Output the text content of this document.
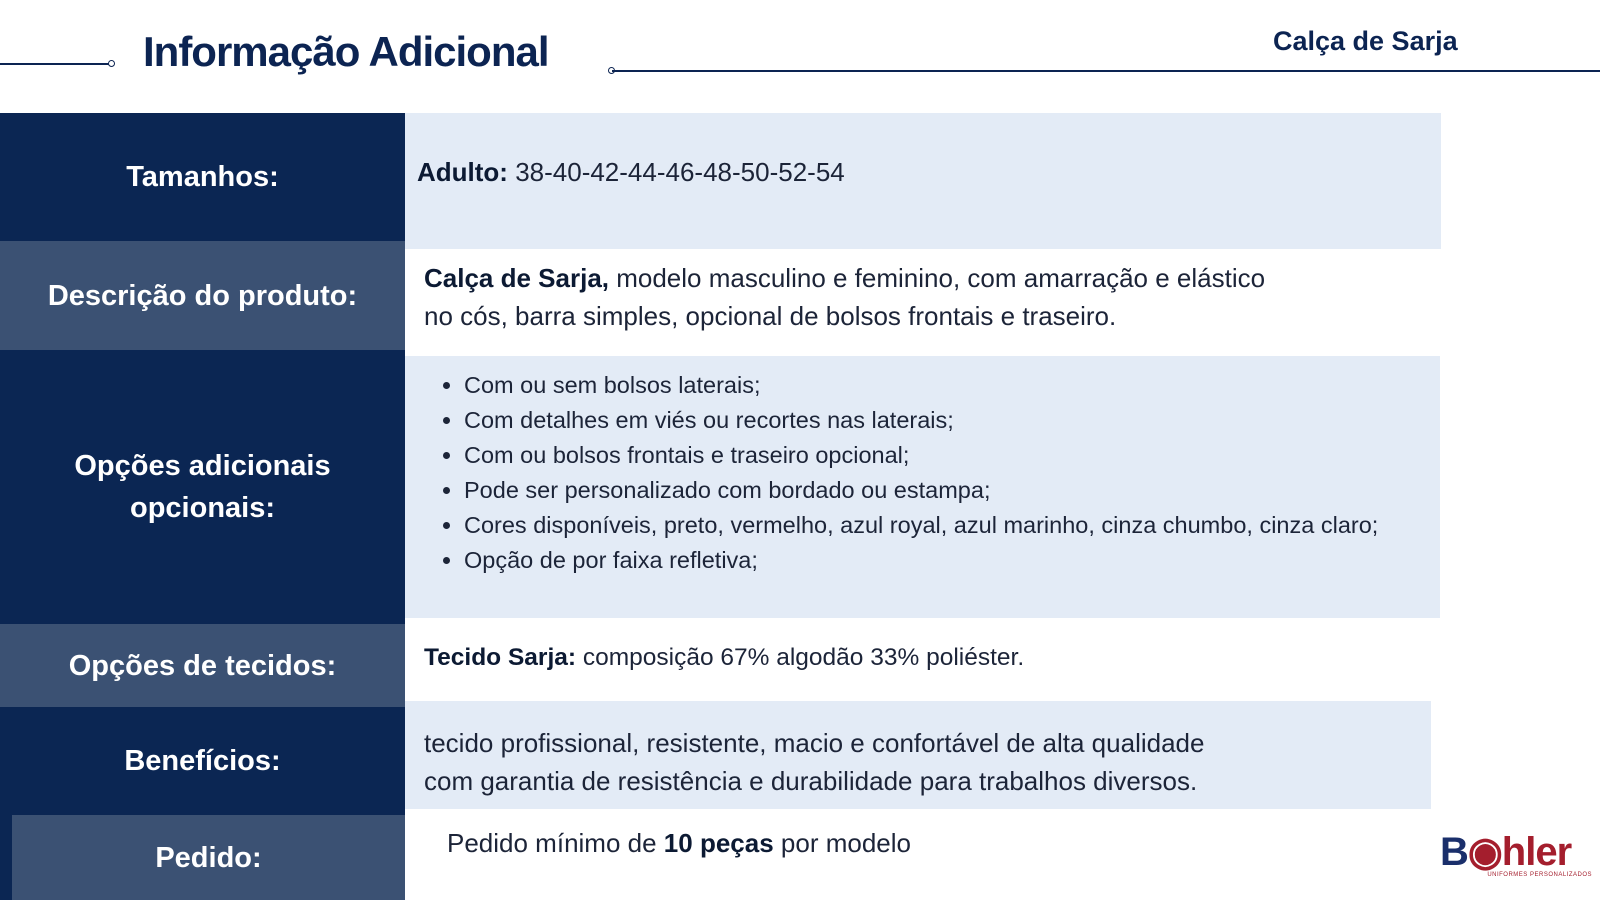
Informação Adicional	Calça de Sarja
Tamanhos:	Adulto: 38-40-42-44-46-48-50-52-54
Descrição do produto:
Calça de Sarja, modelo masculino e feminino, com amarração e elástico
no cós, barra simples, opcional de bolsos frontais e traseiro.
Opções adicionais
opcionais:
• Com ou sem bolsos laterais;
• Com detalhes em viés ou recortes nas laterais;
• Com ou bolsos frontais e traseiro opcional;
• Pode ser personalizado com bordado ou estampa;
• Cores disponíveis, preto, vermelho, azul royal, azul marinho, cinza chumbo, cinza claro;
• Opção de por faixa refletiva;
Opções de tecidos:	Tecido Sarja: composição 67% algodão 33% poliéster.
Benefícios:
tecido profissional, resistente, macio e confortável de alta qualidade
com garantia de resistência e durabilidade para trabalhos diversos.
Pedido:	Pedido mínimo de 10 peças por modelo	B◉hler
UNIFORMES PERSONALIZADOS
